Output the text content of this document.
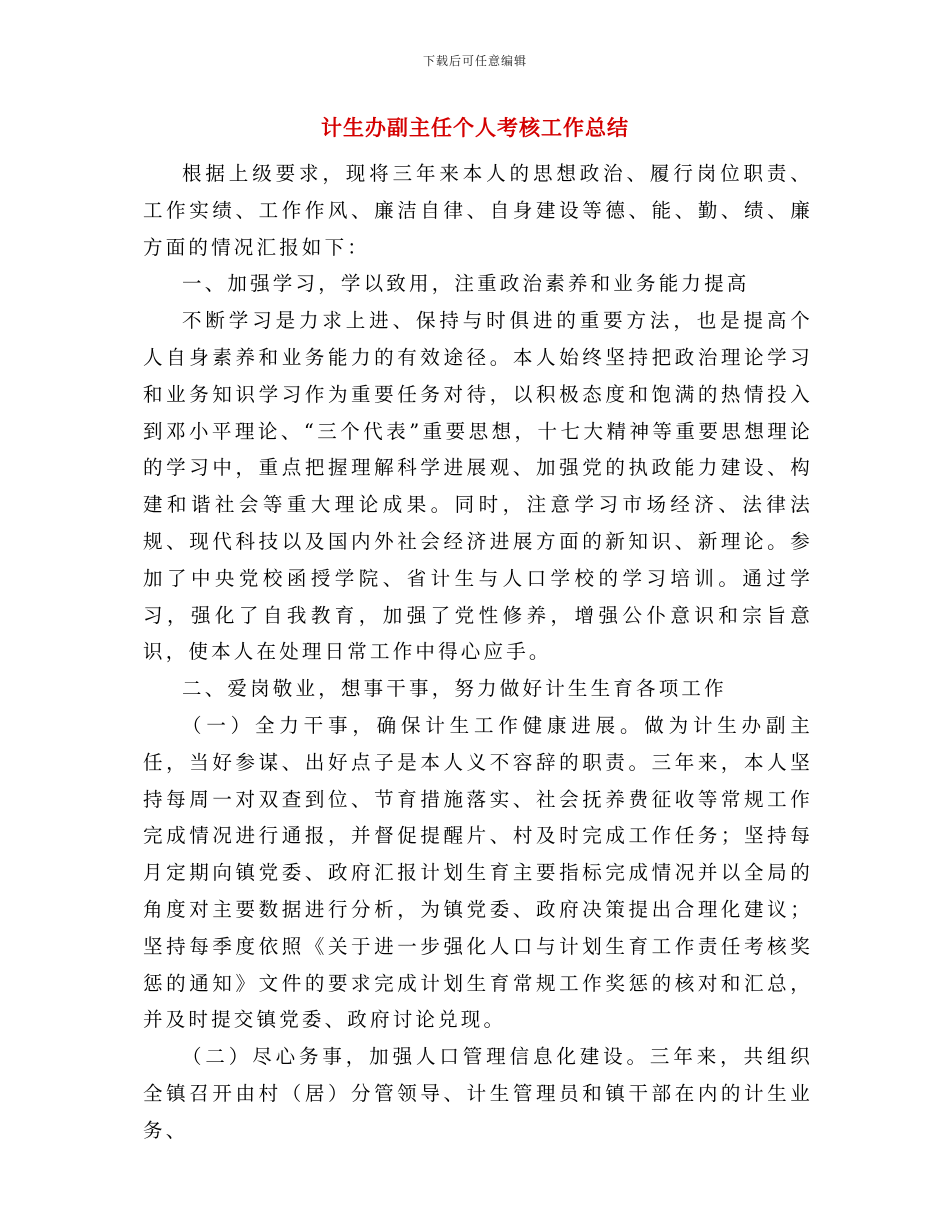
下载后可任意编辑
计生办副主任个人考核工作总结

根据上级要求，现将三年来本人的思想政治、履行岗位职责、工作实绩、工作作风、廉洁自律、自身建设等德、能、勤、绩、廉方面的情况汇报如下：

一、加强学习，学以致用，注重政治素养和业务能力提高

不断学习是力求上进、保持与时俱进的重要方法，也是提高个人自身素养和业务能力的有效途径。本人始终坚持把政治理论学习和业务知识学习作为重要任务对待，以积极态度和饱满的热情投入到邓小平理论、“三个代表”重要思想，十七大精神等重要思想理论的学习中，重点把握理解科学进展观、加强党的执政能力建设、构建和谐社会等重大理论成果。同时，注意学习市场经济、法律法规、现代科技以及国内外社会经济进展方面的新知识、新理论。参加了中央党校函授学院、省计生与人口学校的学习培训。通过学习，强化了自我教育，加强了党性修养，增强公仆意识和宗旨意识，使本人在处理日常工作中得心应手。

二、爱岗敬业，想事干事，努力做好计生生育各项工作

（一）全力干事，确保计生工作健康进展。做为计生办副主任，当好参谋、出好点子是本人义不容辞的职责。三年来，本人坚持每周一对双查到位、节育措施落实、社会抚养费征收等常规工作完成情况进行通报，并督促提醒片、村及时完成工作任务；坚持每月定期向镇党委、政府汇报计划生育主要指标完成情况并以全局的角度对主要数据进行分析，为镇党委、政府决策提出合理化建议；坚持每季度依照《关于进一步强化人口与计划生育工作责任考核奖惩的通知》文件的要求完成计划生育常规工作奖惩的核对和汇总，并及时提交镇党委、政府讨论兑现。

（二）尽心务事，加强人口管理信息化建设。三年来，共组织全镇召开由村（居）分管领导、计生管理员和镇干部在内的计生业务、
